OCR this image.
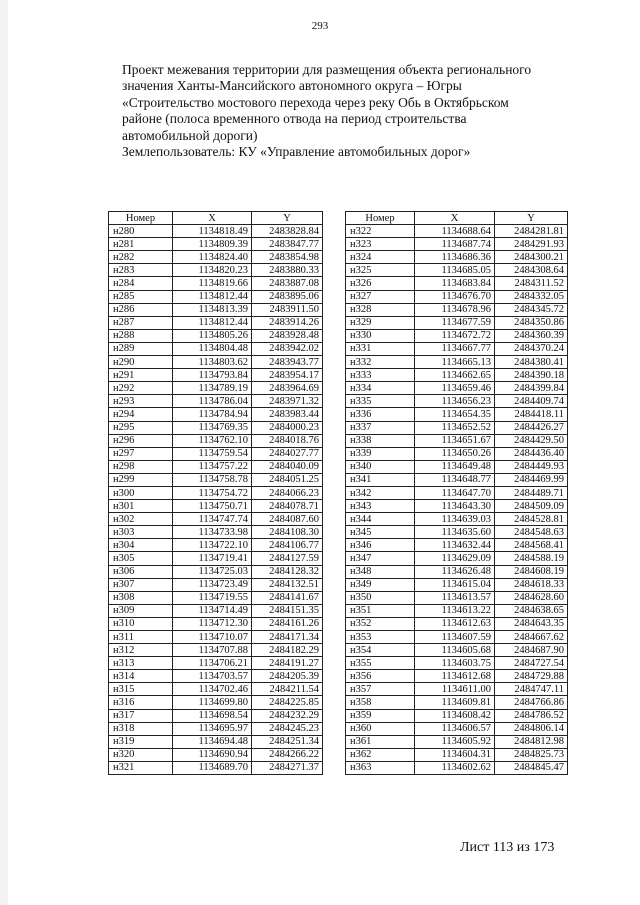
293
Проект межевания территории для размещения объекта регионального
значения Ханты-Мансийского автономного округа – Югры
«Строительство мостового перехода через реку Обь в Октябрьском
районе (полоса временного отвода на период строительства
автомобильной дороги)
Землепользователь: КУ «Управление автомобильных дорог»
Номер	X	Y
н280	1134818.49	2483828.84
н281	1134809.39	2483847.77
н282	1134824.40	2483854.98
н283	1134820.23	2483880.33
н284	1134819.66	2483887.08
н285	1134812.44	2483895.06
н286	1134813.39	2483911.50
н287	1134812.44	2483914.26
н288	1134805.26	2483928.48
н289	1134804.48	2483942.02
н290	1134803.62	2483943.77
н291	1134793.84	2483954.17
н292	1134789.19	2483964.69
н293	1134786.04	2483971.32
н294	1134784.94	2483983.44
н295	1134769.35	2484000.23
н296	1134762.10	2484018.76
н297	1134759.54	2484027.77
н298	1134757.22	2484040.09
н299	1134758.78	2484051.25
н300	1134754.72	2484066.23
н301	1134750.71	2484078.71
н302	1134747.74	2484087.60
н303	1134733.98	2484108.30
н304	1134722.10	2484106.77
н305	1134719.41	2484127.59
н306	1134725.03	2484128.32
н307	1134723.49	2484132.51
н308	1134719.55	2484141.67
н309	1134714.49	2484151.35
н310	1134712.30	2484161.26
н311	1134710.07	2484171.34
н312	1134707.88	2484182.29
н313	1134706.21	2484191.27
н314	1134703.57	2484205.39
н315	1134702.46	2484211.54
н316	1134699.80	2484225.85
н317	1134698.54	2484232.29
н318	1134695.97	2484245.23
н319	1134694.48	2484251.34
н320	1134690.94	2484266.22
н321	1134689.70	2484271.37
Номер	X	Y
н322	1134688.64	2484281.81
н323	1134687.74	2484291.93
н324	1134686.36	2484300.21
н325	1134685.05	2484308.64
н326	1134683.84	2484311.52
н327	1134676.70	2484332.05
н328	1134678.96	2484345.72
н329	1134677.59	2484350.86
н330	1134672.72	2484360.39
н331	1134667.77	2484370.24
н332	1134665.13	2484380.41
н333	1134662.65	2484390.18
н334	1134659.46	2484399.84
н335	1134656.23	2484409.74
н336	1134654.35	2484418.11
н337	1134652.52	2484426.27
н338	1134651.67	2484429.50
н339	1134650.26	2484436.40
н340	1134649.48	2484449.93
н341	1134648.77	2484469.99
н342	1134647.70	2484489.71
н343	1134643.30	2484509.09
н344	1134639.03	2484528.81
н345	1134635.60	2484548.63
н346	1134632.44	2484568.41
н347	1134629.09	2484588.19
н348	1134626.48	2484608.19
н349	1134615.04	2484618.33
н350	1134613.57	2484628.60
н351	1134613.22	2484638.65
н352	1134612.63	2484643.35
н353	1134607.59	2484667.62
н354	1134605.68	2484687.90
н355	1134603.75	2484727.54
н356	1134612.68	2484729.88
н357	1134611.00	2484747.11
н358	1134609.81	2484766.86
н359	1134608.42	2484786.52
н360	1134606.57	2484806.14
н361	1134605.92	2484812.98
н362	1134604.31	2484825.73
н363	1134602.62	2484845.47
Лист 113 из 173
